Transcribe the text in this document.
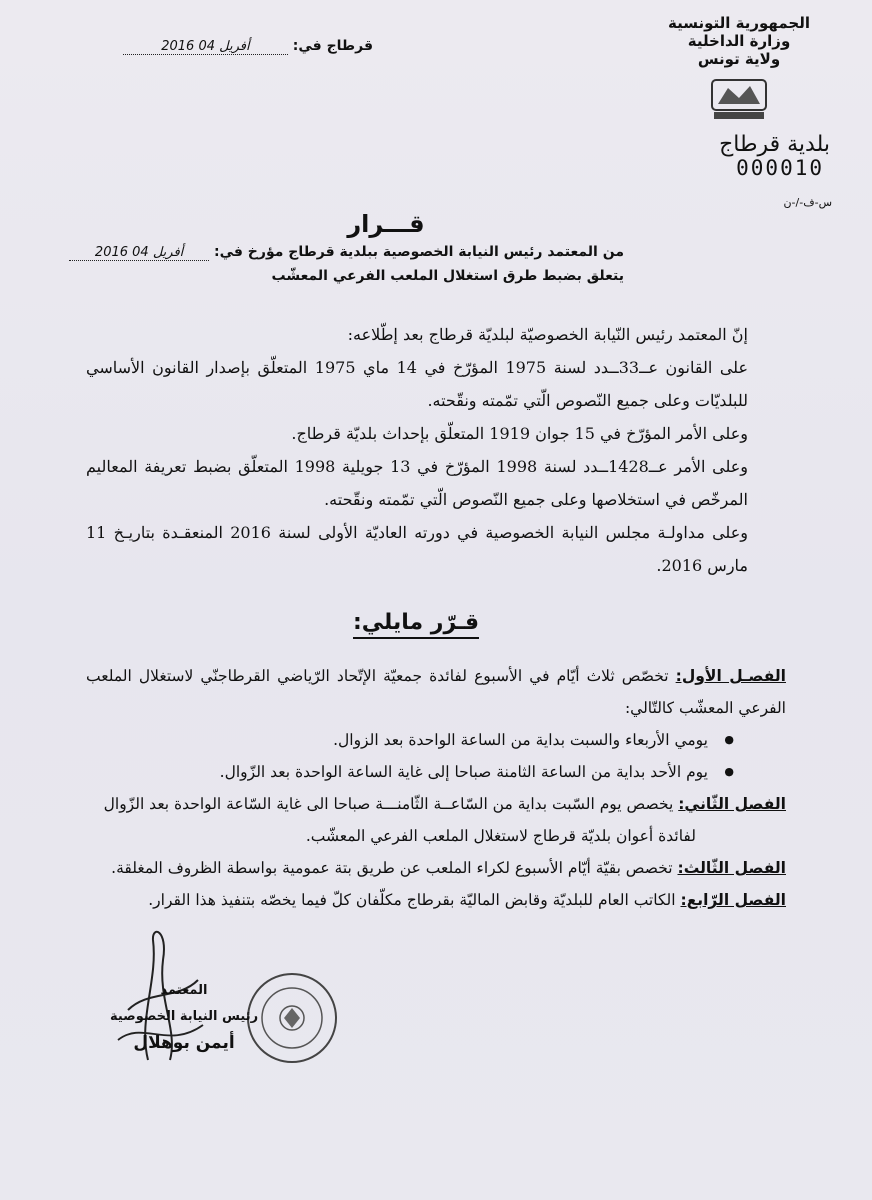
الجمهورية التونسية
وزارة الداخلية
ولاية تونس
بلدية قرطاج
000010
س-ف-/-ن
قرطاج في: 2016 أفريل 04
قـــرار
من المعتمد رئيس النيابة الخصوصية ببلدية قرطاج مؤرخ في: 2016 أفريل 04
يتعلق بضبط طرق استغلال الملعب الفرعي المعشّب

إنّ المعتمد رئيس النّيابة الخصوصيّة لبلديّة قرطاج بعد إطّلاعه:

على القانون عــ33ــدد لسنة 1975 المؤرّخ في 14 ماي 1975 المتعلّق بإصدار القانون الأساسي للبلديّات وعلى جميع النّصوص الّتي تمّمته ونقّحته.

وعلى الأمر المؤرّخ في 15 جوان 1919 المتعلّق بإحداث بلديّة قرطاج.

وعلى الأمر عــ1428ــدد لسنة 1998 المؤرّخ في 13 جويلية 1998 المتعلّق بضبط تعريفة المعاليم المرخّص في استخلاصها وعلى جميع النّصوص الّتي تمّمته ونقّحته.

وعلى مداولـة مجلس النيابة الخصوصية في دورته العاديّة الأولى لسنة 2016 المنعقـدة بتاريـخ 11 مارس 2016.

قـرّر مايلي:

الفصـل الأول: تخصّص ثلاث أيّام في الأسبوع لفائدة جمعيّة الإتّحاد الرّياضي القرطاجنّي لاستغلال الملعب الفرعي المعشّب كالتّالي:

● يومي الأربعاء والسبت بداية من الساعة الواحدة بعد الزوال.
● يوم الأحد بداية من الساعة الثامنة صباحا إلى غاية الساعة الواحدة بعد الزّوال.

الفصل الثّاني: يخصص يوم السّبت بداية من السّاعــة الثّامنـــة صباحا الى غاية السّاعة الواحدة بعد الزّوال

لفائدة أعوان بلديّة قرطاج لاستغلال الملعب الفرعي المعشّب.

الفصل الثّالث: تخصص بقيّة أيّام الأسبوع لكراء الملعب عن طريق بتة عمومية بواسطة الظروف المغلقة.

الفصل الرّابع: الكاتب العام للبلديّة وقابض الماليّة بقرطاج مكلّفان كلّ فيما يخصّه بتنفيذ هذا القرار.

المعتمد
رئيس النيابة الخصوصية
أيمن بوهلال
